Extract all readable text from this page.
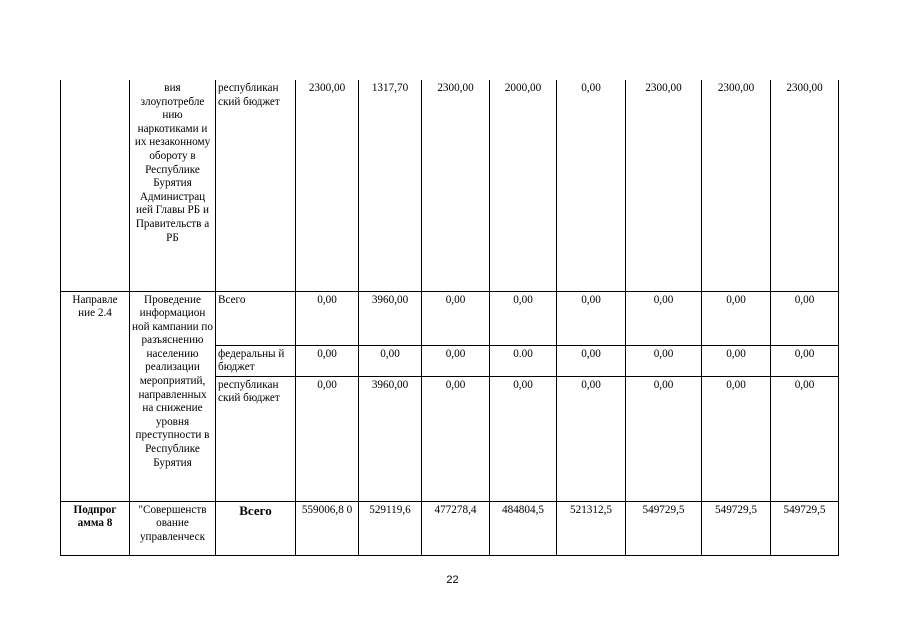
	вия злоупотребле нию наркотиками и их незаконному обороту в Республике Бурятия Администрац ией Главы РБ и Правительств а РБ	республикан ский бюджет	2300,00	1317,70	2300,00	2000,00	0,00	2300,00	2300,00	2300,00
Направле ние 2.4	Проведение информацион ной кампании по разъяснению населению реализации мероприятий, направленных на снижение уровня преступности в Республике Бурятия	Всего	0,00	3960,00	0,00	0,00	0,00	0,00	0,00	0,00
		федеральны й бюджет	0,00	0,00	0,00	0.00	0,00	0,00	0,00	0,00
		республикан ский бюджет	0,00	3960,00	0,00	0,00	0,00	0,00	0,00	0,00
Подпрог амма 8	"Совершенств ование управленческ	Всего	559006,8 0	529119,6	477278,4	484804,5	521312,5	549729,5	549729,5	549729,5
22
